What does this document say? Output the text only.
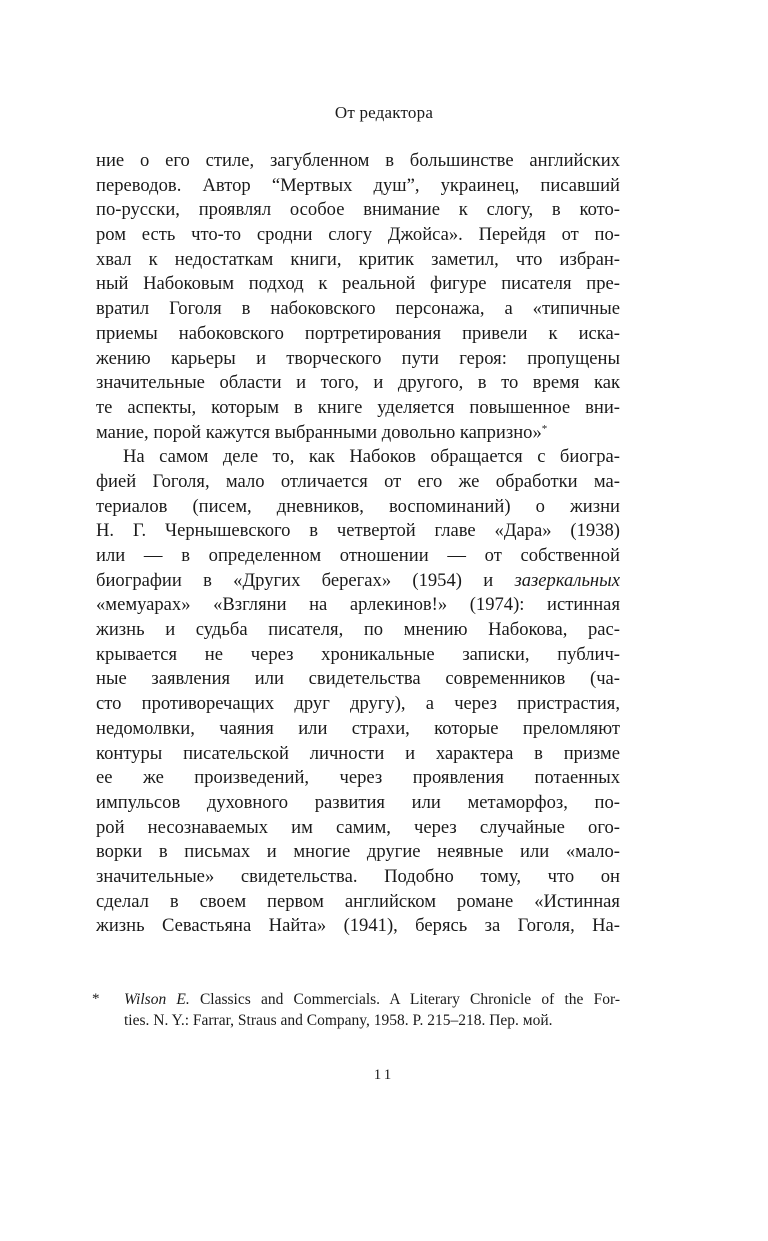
От редактора
ние о его стиле, загубленном в большинстве английских
переводов. Автор “Мертвых душ”, украинец, писавший
по-русски, проявлял особое внимание к слогу, в кото-
ром есть что-то сродни слогу Джойса». Перейдя от по-
хвал к недостаткам книги, критик заметил, что избран-
ный Набоковым подход к реальной фигуре писателя пре-
вратил Гоголя в набоковского персонажа, а «типичные
приемы набоковского портретирования привели к иска-
жению карьеры и творческого пути героя: пропущены
значительные области и того, и другого, в то время как
те аспекты, которым в книге уделяется повышенное вни-
мание, порой кажутся выбранными довольно капризно»*
На самом деле то, как Набоков обращается с биогра-
фией Гоголя, мало отличается от его же обработки ма-
териалов (писем, дневников, воспоминаний) о жизни
Н. Г. Чернышевского в четвертой главе «Дара» (1938)
или — в определенном отношении — от собственной
биографии в «Других берегах» (1954) и зазеркальных
«мемуарах» «Взгляни на арлекинов!» (1974): истинная
жизнь и судьба писателя, по мнению Набокова, рас-
крывается не через хроникальные записки, публич-
ные заявления или свидетельства современников (ча-
сто противоречащих друг другу), а через пристрастия,
недомолвки, чаяния или страхи, которые преломляют
контуры писательской личности и характера в призме
ее же произведений, через проявления потаенных
импульсов духовного развития или метаморфоз, по-
рой несознаваемых им самим, через случайные ого-
ворки в письмах и многие другие неявные или «мало-
значительные» свидетельства. Подобно тому, что он
сделал в своем первом английском романе «Истинная
жизнь Севастьяна Найта» (1941), берясь за Гоголя, На-
* Wilson E. Classics and Commercials. A Literary Chronicle of the For-
ties. N. Y.: Farrar, Straus and Company, 1958. P. 215–218. Пер. мой.
11
